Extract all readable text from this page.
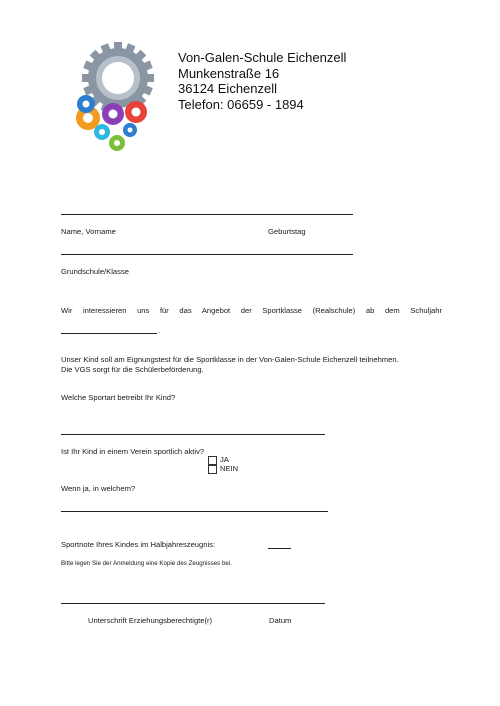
Von-Galen-Schule Eichenzell
Munkenstraße 16
36124 Eichenzell
Telefon: 06659 - 1894
Name, Vorname	Geburtstag
Grundschule/Klasse
Wir interessieren uns für das Angebot der Sportklasse (Realschule) ab dem Schuljahr
.
Unser Kind soll am Eignungstest für die Sportklasse in der Von-Galen-Schule Eichenzell teilnehmen.
Die VGS sorgt für die Schülerbeförderung.
Welche Sportart betreibt Ihr Kind?
Ist Ihr Kind in einem Verein sportlich aktiv?
JA
NEIN
Wenn ja, in welchem?
Sportnote Ihres Kindes im Halbjahreszeugnis:
Bitte legen Sie der Anmeldung eine Kopie des Zeugnisses bei.
Unterschrift Erziehungsberechtigte(r)	Datum
